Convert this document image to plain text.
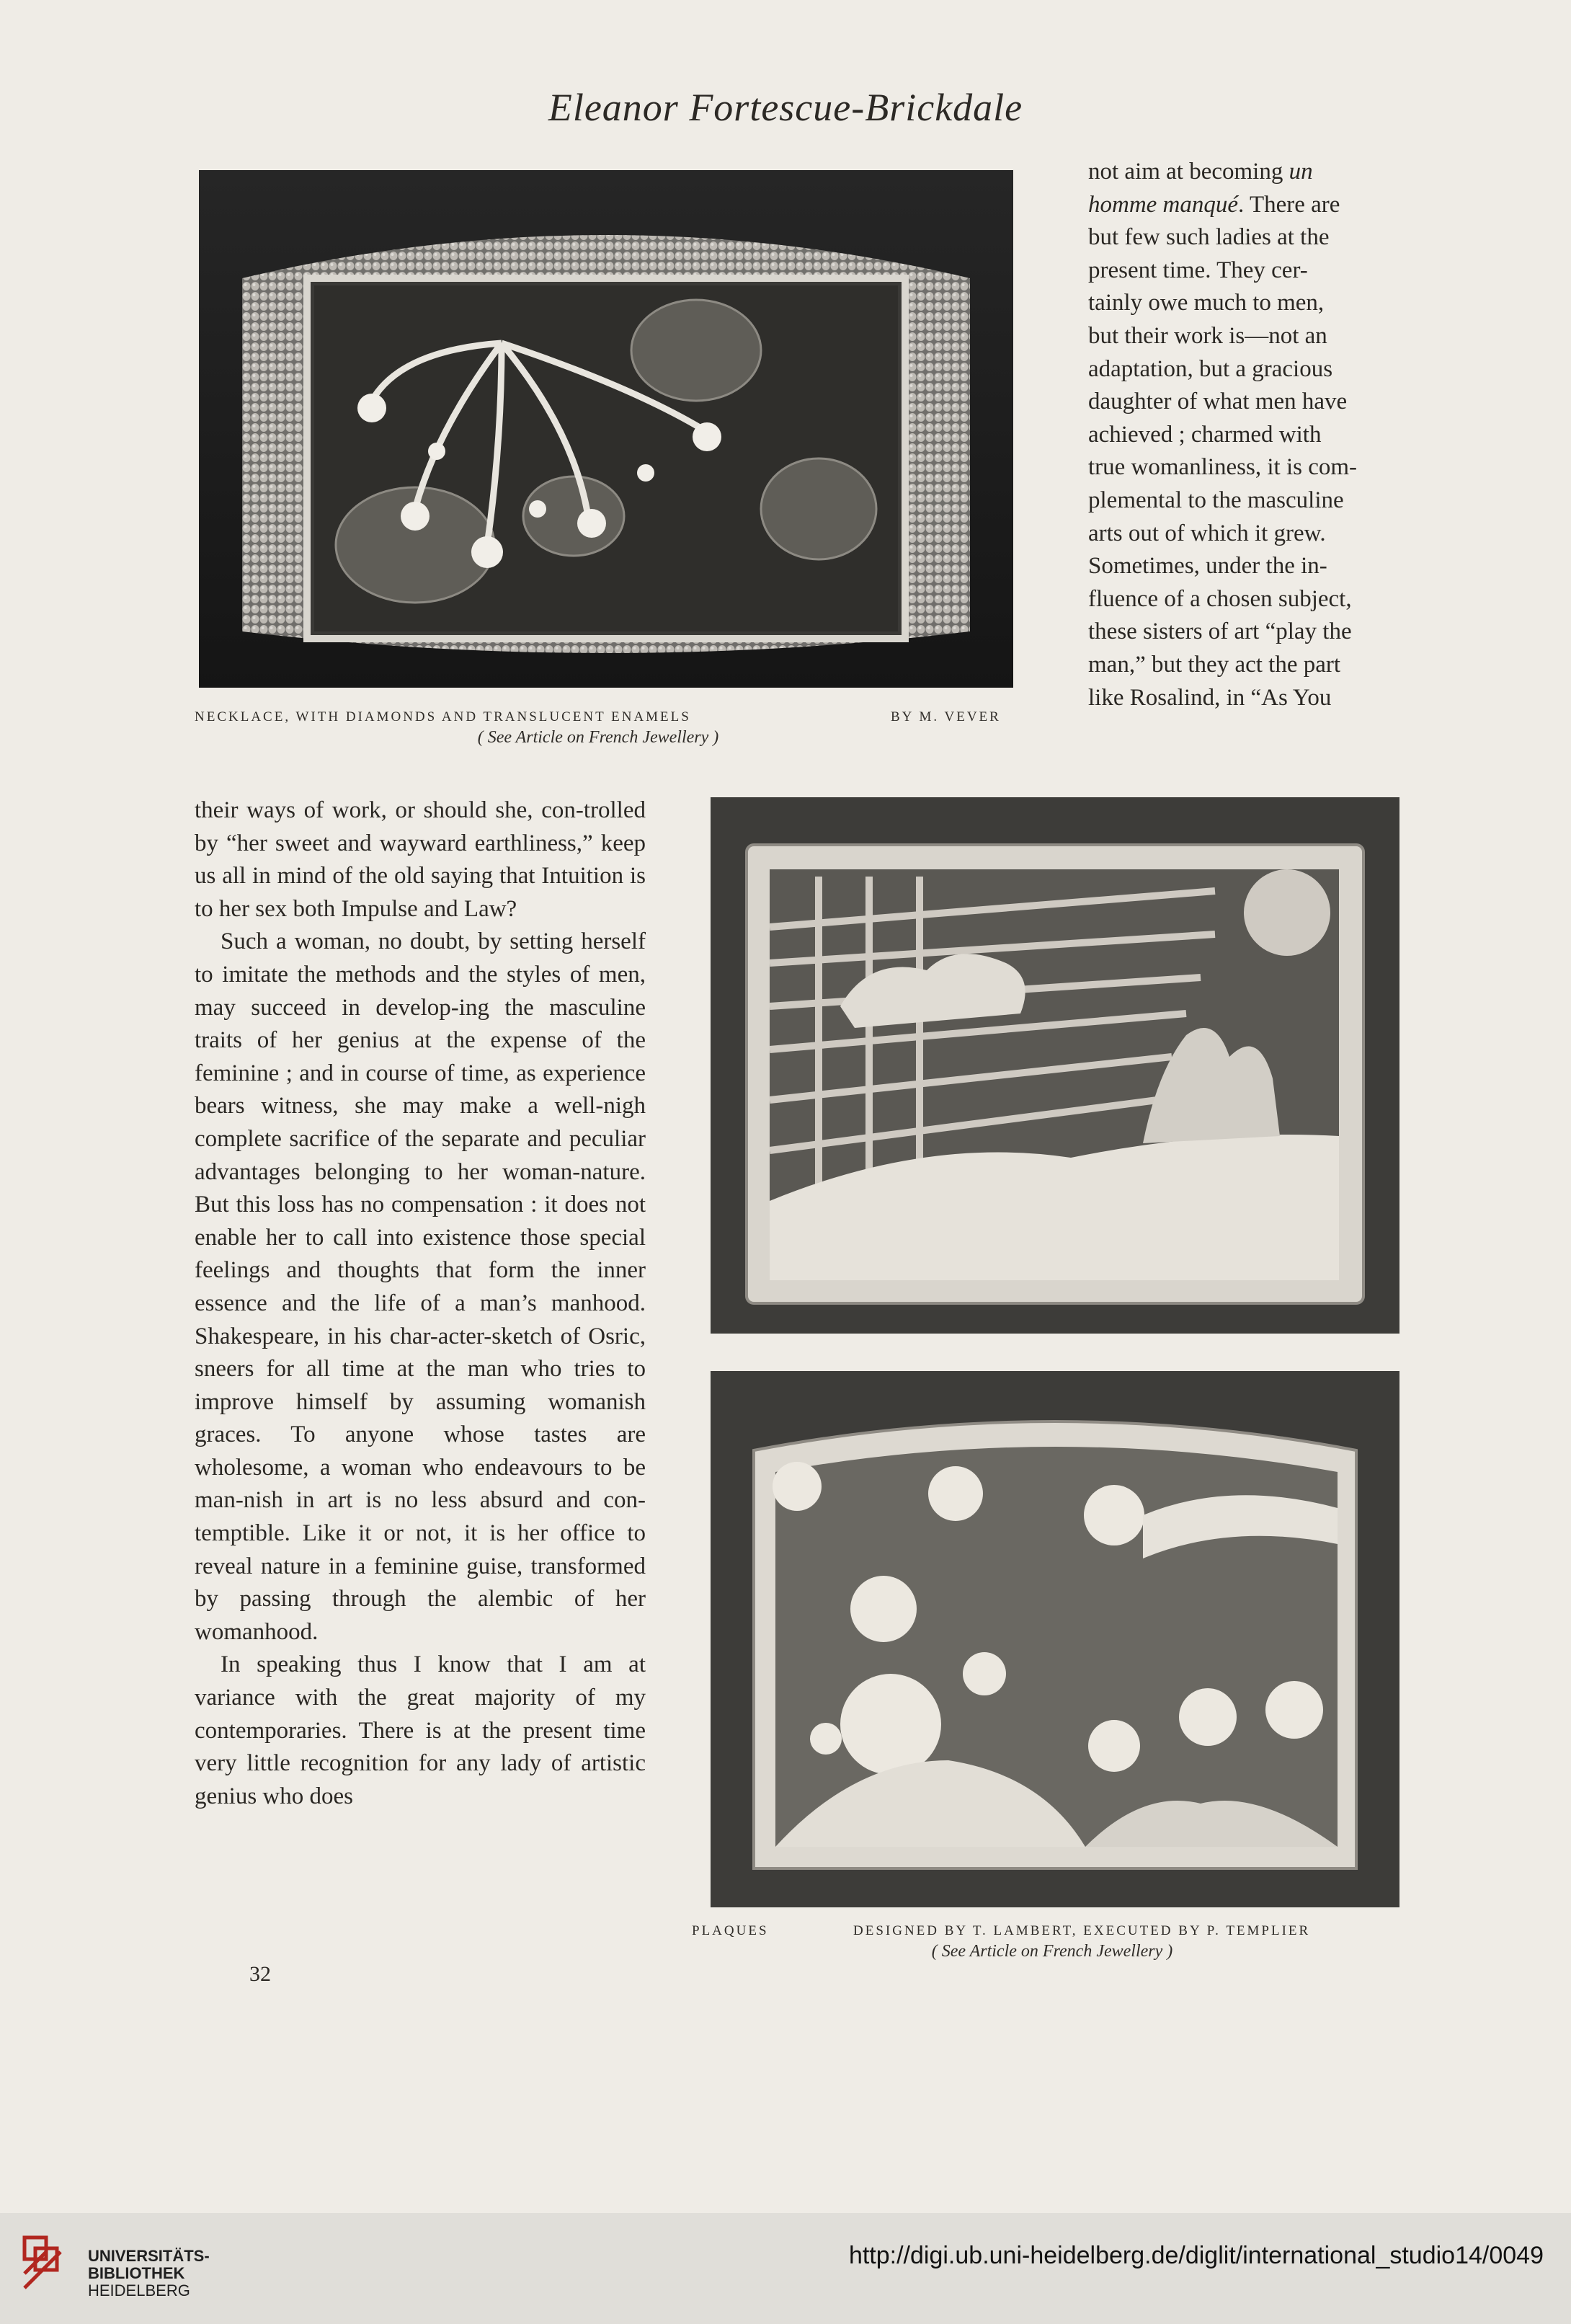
Eleanor Fortescue-Brickdale
NECKLACE, WITH DIAMONDS AND TRANSLUCENT ENAMELS	BY M. VEVER
( See Article on French Jewellery )

not aim at becoming un

homme manqué. There are

but few such ladies at the

present time. They cer-

tainly owe much to men,

but their work is—not an

adaptation, but a gracious

daughter of what men have

achieved ; charmed with

true womanliness, it is com-

plemental to the masculine

arts out of which it grew.

Sometimes, under the in-

fluence of a chosen subject,

these sisters of art “play the

man,” but they act the part

like Rosalind, in “As You

their ways of work, or should she, con-trolled by “her sweet and wayward earthliness,” keep us all in mind of the old saying that Intuition is to her sex both Impulse and Law?

Such a woman, no doubt, by setting herself to imitate the methods and the styles of men, may succeed in develop-ing the masculine traits of her genius at the expense of the feminine ; and in course of time, as experience bears witness, she may make a well-nigh complete sacrifice of the separate and peculiar advantages belonging to her woman-nature. But this loss has no compensation : it does not enable her to call into existence those special feelings and thoughts that form the inner essence and the life of a man’s manhood. Shakespeare, in his char-acter-sketch of Osric, sneers for all time at the man who tries to improve himself by assuming womanish graces. To anyone whose tastes are wholesome, a woman who endeavours to be man-nish in art is no less absurd and con-temptible. Like it or not, it is her office to reveal nature in a feminine guise, transformed by passing through the alembic of her womanhood.

In speaking thus I know that I am at variance with the great majority of my contemporaries. There is at the present time very little recognition for any lady of artistic genius who does

PLAQUES	DESIGNED BY T. LAMBERT, EXECUTED BY P. TEMPLIER
( See Article on French Jewellery )
32
UNIVERSITÄTS-
BIBLIOTHEK
HEIDELBERG
http://digi.ub.uni-heidelberg.de/diglit/international_studio14/0049
